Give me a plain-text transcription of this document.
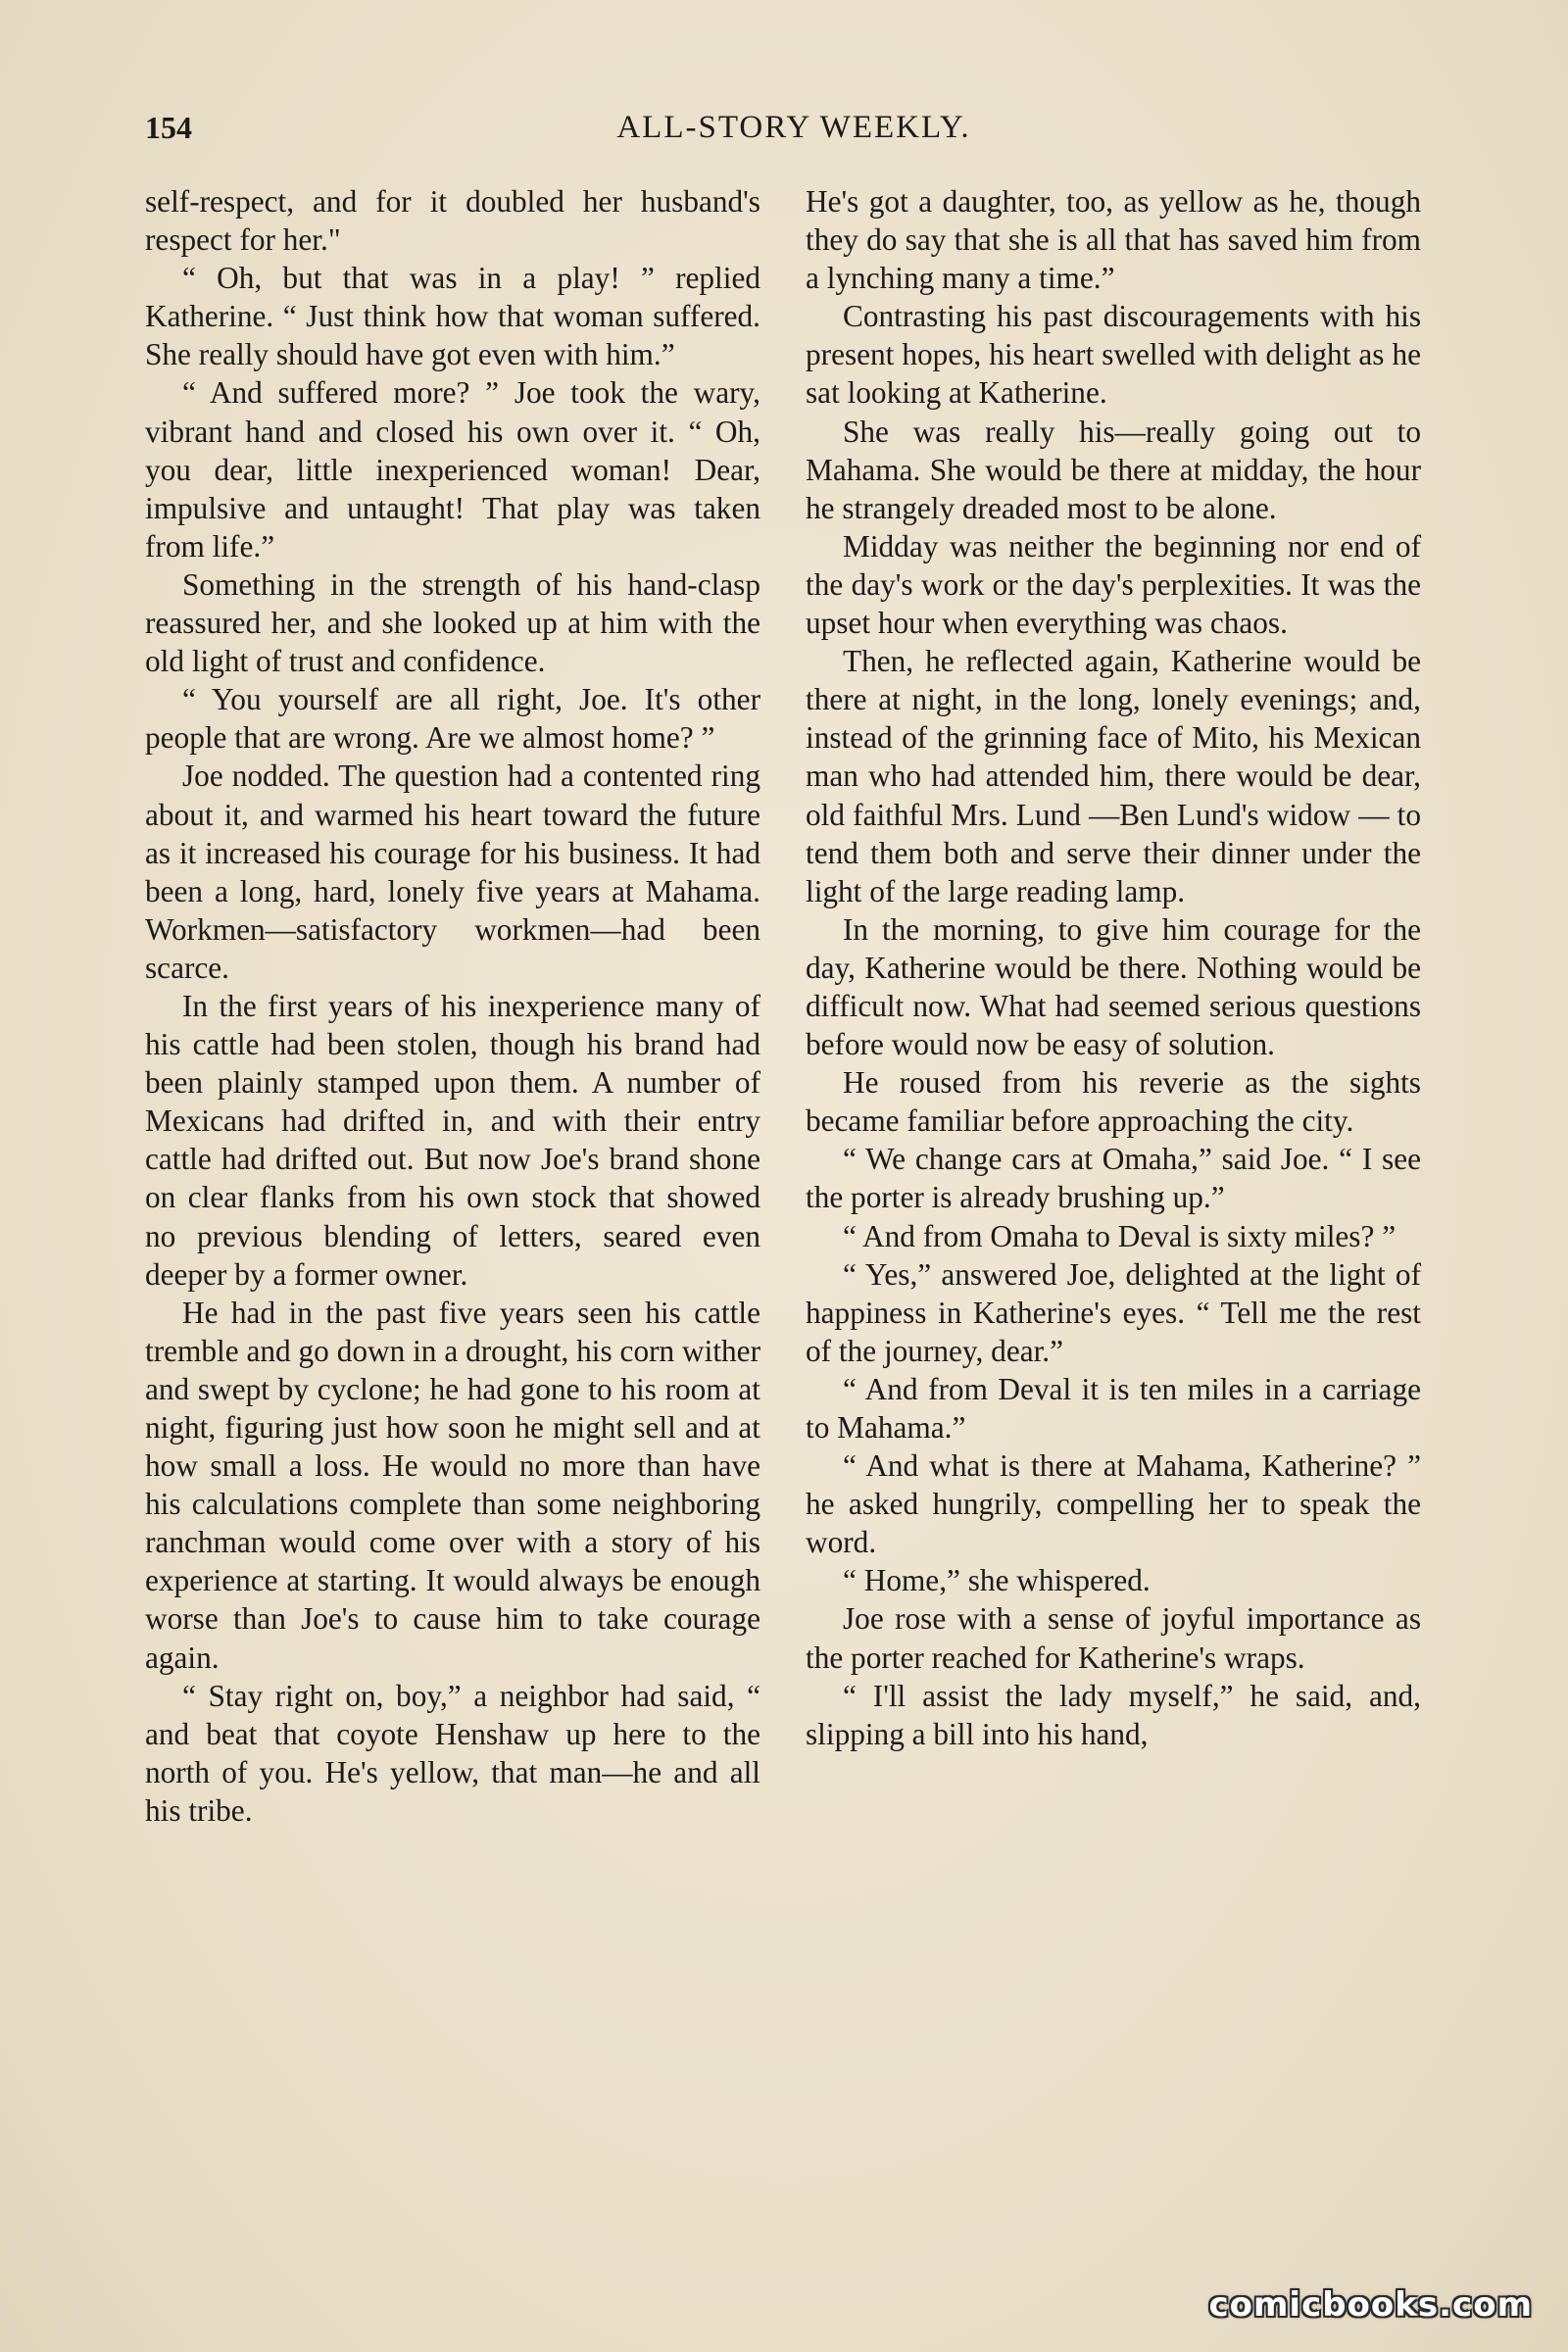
154	ALL-STORY WEEKLY.

self-respect, and for it doubled her husband's respect for her."

“ Oh, but that was in a play! ” replied Katherine. “ Just think how that woman suffered. She really should have got even with him.”

“ And suffered more? ” Joe took the wary, vibrant hand and closed his own over it. “ Oh, you dear, little inexperienced woman! Dear, impulsive and untaught! That play was taken from life.”

Something in the strength of his hand-clasp reassured her, and she looked up at him with the old light of trust and confidence.

“ You yourself are all right, Joe. It's other people that are wrong. Are we almost home? ”

Joe nodded. The question had a contented ring about it, and warmed his heart toward the future as it increased his courage for his business. It had been a long, hard, lonely five years at Mahama. Workmen—satisfactory workmen—had been scarce.

In the first years of his inexperience many of his cattle had been stolen, though his brand had been plainly stamped upon them. A number of Mexicans had drifted in, and with their entry cattle had drifted out. But now Joe's brand shone on clear flanks from his own stock that showed no previous blending of letters, seared even deeper by a former owner.

He had in the past five years seen his cattle tremble and go down in a drought, his corn wither and swept by cyclone; he had gone to his room at night, figuring just how soon he might sell and at how small a loss. He would no more than have his calculations complete than some neighboring ranchman would come over with a story of his experience at starting. It would always be enough worse than Joe's to cause him to take courage again.

“ Stay right on, boy,” a neighbor had said, “ and beat that coyote Henshaw up here to the north of you. He's yellow, that man—he and all his tribe.

He's got a daughter, too, as yellow as he, though they do say that she is all that has saved him from a lynching many a time.”

Contrasting his past discouragements with his present hopes, his heart swelled with delight as he sat looking at Katherine.

She was really his—really going out to Mahama. She would be there at midday, the hour he strangely dreaded most to be alone.

Midday was neither the beginning nor end of the day's work or the day's perplexities. It was the upset hour when everything was chaos.

Then, he reflected again, Katherine would be there at night, in the long, lonely evenings; and, instead of the grinning face of Mito, his Mexican man who had attended him, there would be dear, old faithful Mrs. Lund —Ben Lund's widow — to tend them both and serve their dinner under the light of the large reading lamp.

In the morning, to give him courage for the day, Katherine would be there. Nothing would be difficult now. What had seemed serious questions before would now be easy of solution.

He roused from his reverie as the sights became familiar before approaching the city.

“ We change cars at Omaha,” said Joe. “ I see the porter is already brushing up.”

“ And from Omaha to Deval is sixty miles? ”

“ Yes,” answered Joe, delighted at the light of happiness in Katherine's eyes. “ Tell me the rest of the journey, dear.”

“ And from Deval it is ten miles in a carriage to Mahama.”

“ And what is there at Mahama, Katherine? ” he asked hungrily, compelling her to speak the word.

“ Home,” she whispered.

Joe rose with a sense of joyful importance as the porter reached for Katherine's wraps.

“ I'll assist the lady myself,” he said, and, slipping a bill into his hand,

comicbooks.com
